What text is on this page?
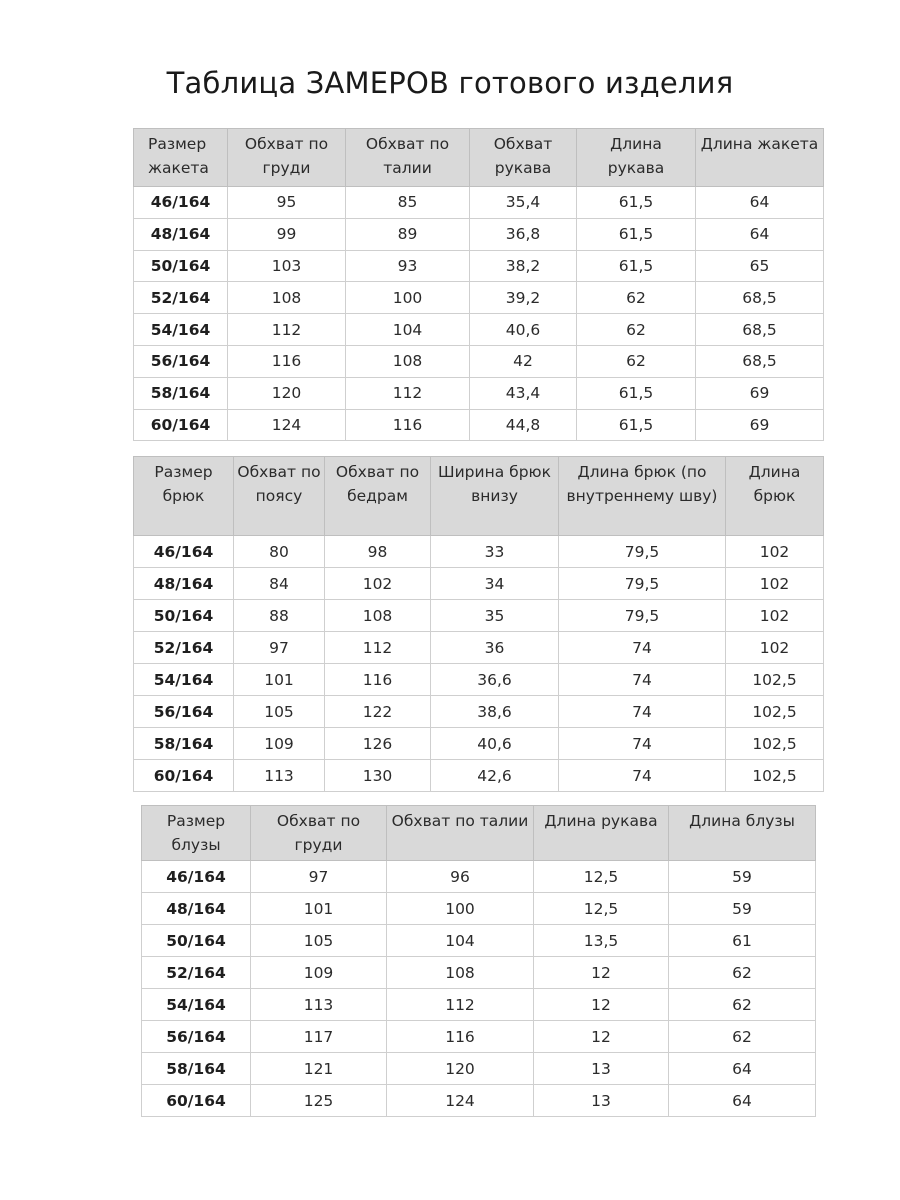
Таблица ЗАМЕРОВ готового изделия
Размер жакета	Обхват по груди	Обхват по талии	Обхват рукава	Длина рукава	Длина жакета
46/164	95	85	35,4	61,5	64
48/164	99	89	36,8	61,5	64
50/164	103	93	38,2	61,5	65
52/164	108	100	39,2	62	68,5
54/164	112	104	40,6	62	68,5
56/164	116	108	42	62	68,5
58/164	120	112	43,4	61,5	69
60/164	124	116	44,8	61,5	69
Размер брюк	Обхват по поясу	Обхват по бедрам	Ширина брюк внизу	Длина брюк (по внутреннему шву)	Длина брюк
46/164	80	98	33	79,5	102
48/164	84	102	34	79,5	102
50/164	88	108	35	79,5	102
52/164	97	112	36	74	102
54/164	101	116	36,6	74	102,5
56/164	105	122	38,6	74	102,5
58/164	109	126	40,6	74	102,5
60/164	113	130	42,6	74	102,5
Размер блузы	Обхват по груди	Обхват по талии	Длина рукава	Длина блузы
46/164	97	96	12,5	59
48/164	101	100	12,5	59
50/164	105	104	13,5	61
52/164	109	108	12	62
54/164	113	112	12	62
56/164	117	116	12	62
58/164	121	120	13	64
60/164	125	124	13	64
